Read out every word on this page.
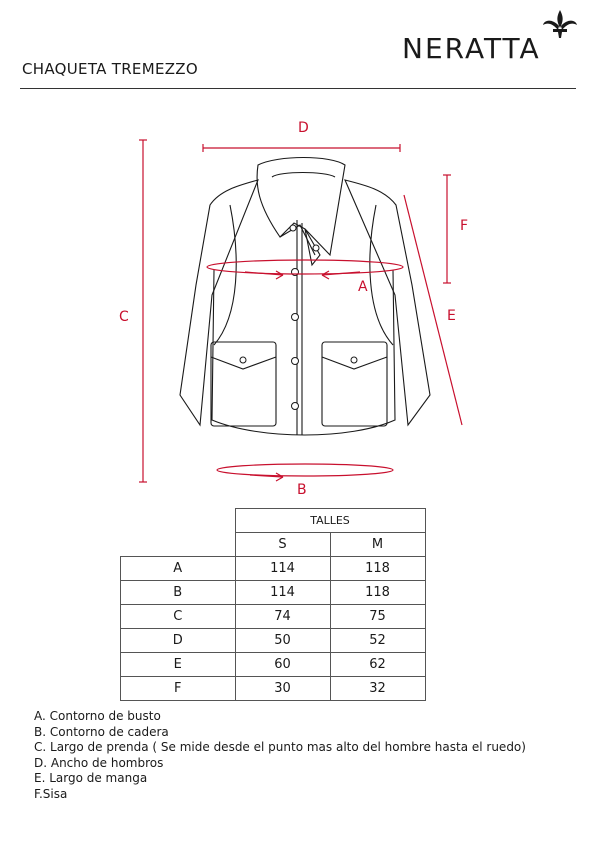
CHAQUETA TREMEZZO
NERATTA
D
C
F
E
A
B
	TALLES	
	S	M
A	114	118
B	114	118
C	74	75
D	50	52
E	60	62
F	30	32
A. Contorno de busto
B. Contorno de cadera
C. Largo de prenda ( Se mide desde el punto mas alto del hombre hasta el ruedo)
D. Ancho de hombros
E. Largo de manga
F.Sisa
